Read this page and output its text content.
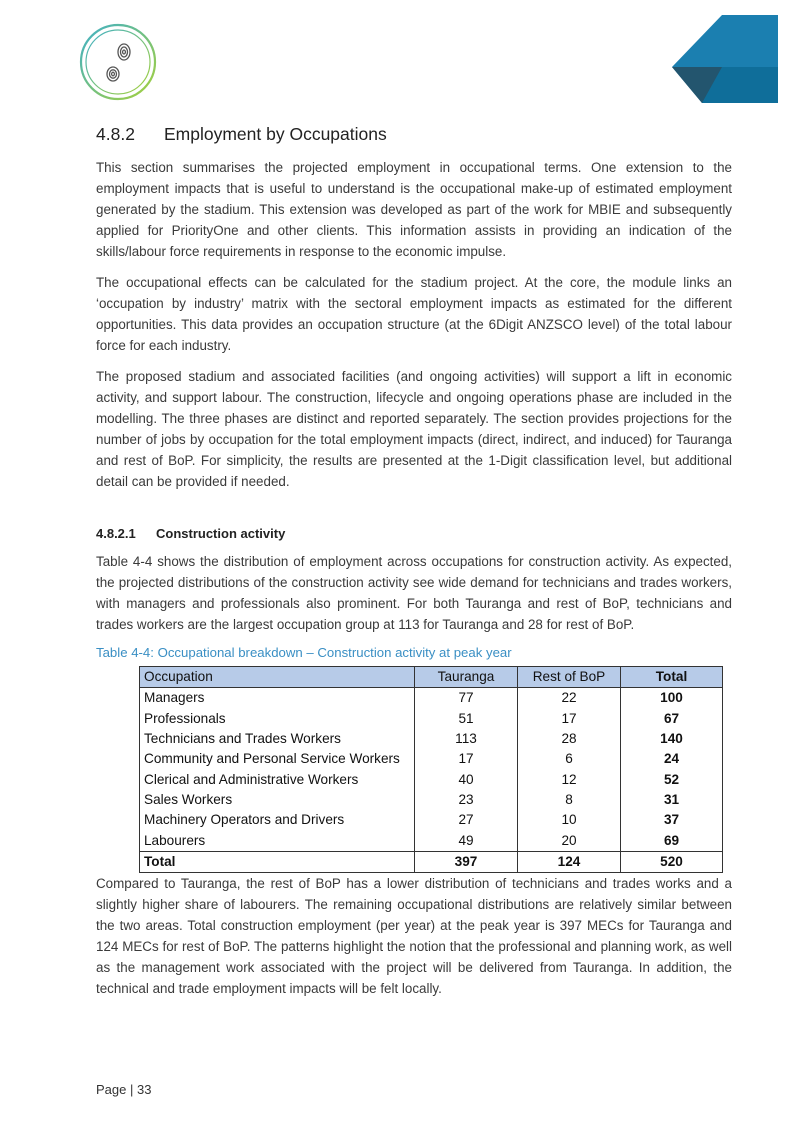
4.8.2	Employment by Occupations

This section summarises the projected employment in occupational terms. One extension to the employment impacts that is useful to understand is the occupational make-up of estimated employment generated by the stadium. This extension was developed as part of the work for MBIE and subsequently applied for PriorityOne and other clients. This information assists in providing an indication of the skills/labour force requirements in response to the economic impulse.

The occupational effects can be calculated for the stadium project. At the core, the module links an ‘occupation by industry’ matrix with the sectoral employment impacts as estimated for the different opportunities. This data provides an occupation structure (at the 6Digit ANZSCO level) of the total labour force for each industry.

The proposed stadium and associated facilities (and ongoing activities) will support a lift in economic activity, and support labour. The construction, lifecycle and ongoing operations phase are included in the modelling. The three phases are distinct and reported separately. The section provides projections for the number of jobs by occupation for the total employment impacts (direct, indirect, and induced) for Tauranga and rest of BoP. For simplicity, the results are presented at the 1-Digit classification level, but additional detail can be provided if needed.

4.8.2.1	Construction activity

Table 4-4 shows the distribution of employment across occupations for construction activity. As expected, the projected distributions of the construction activity see wide demand for technicians and trades workers, with managers and professionals also prominent. For both Tauranga and rest of BoP, technicians and trades workers are the largest occupation group at 113 for Tauranga and 28 for rest of BoP.

Table 4-4: Occupational breakdown – Construction activity at peak year
Occupation	Tauranga	Rest of BoP	Total
Managers	77	22	100
Professionals	51	17	67
Technicians and Trades Workers	113	28	140
Community and Personal Service Workers	17	6	24
Clerical and Administrative Workers	40	12	52
Sales Workers	23	8	31
Machinery Operators and Drivers	27	10	37
Labourers	49	20	69
Total	397	124	520

Compared to Tauranga, the rest of BoP has a lower distribution of technicians and trades works and a slightly higher share of labourers. The remaining occupational distributions are relatively similar between the two areas. Total construction employment (per year) at the peak year is 397 MECs for Tauranga and 124 MECs for rest of BoP. The patterns highlight the notion that the professional and planning work, as well as the management work associated with the project will be delivered from Tauranga. In addition, the technical and trade employment impacts will be felt locally.

Page | 33
